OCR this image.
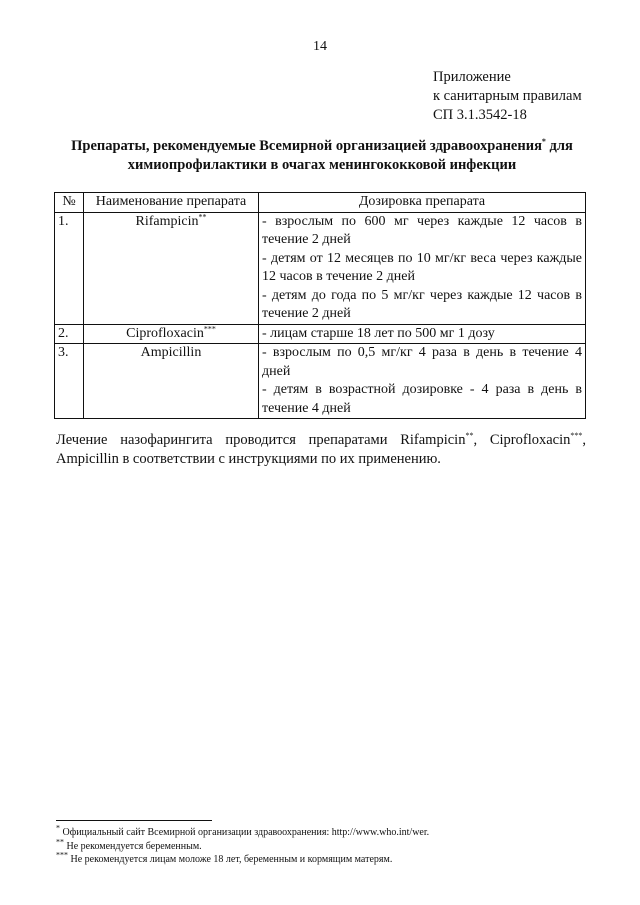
14
Приложение
к санитарным правилам
СП 3.1.3542-18
Препараты, рекомендуемые Всемирной организацией здравоохранения* для химиопрофилактики в очагах менингококковой инфекции
№	Наименование препарата	Дозировка препарата
1.	Rifampicin**	- взрослым по 600 мг через каждые 12 часов в течение 2 дней
- детям от 12 месяцев по 10 мг/кг веса через каждые 12 часов в течение 2 дней
- детям до года по 5 мг/кг через каждые 12 часов в течение 2 дней

2.	Ciprofloxacin***	- лицам старше 18 лет по 500 мг 1 дозу

3.	Ampicillin	- взрослым по 0,5 мг/кг 4 раза в день в течение 4 дней
- детям в возрастной дозировке - 4 раза в день в течение 4 дней
Лечение назофарингита проводится препаратами Rifampicin**, Ciprofloxacin***, Ampicillin в соответствии с инструкциями по их применению.
* Официальный сайт Всемирной организации здравоохранения: http://www.who.int/wer.
** Не рекомендуется беременным.
*** Не рекомендуется лицам моложе 18 лет, беременным и кормящим матерям.
